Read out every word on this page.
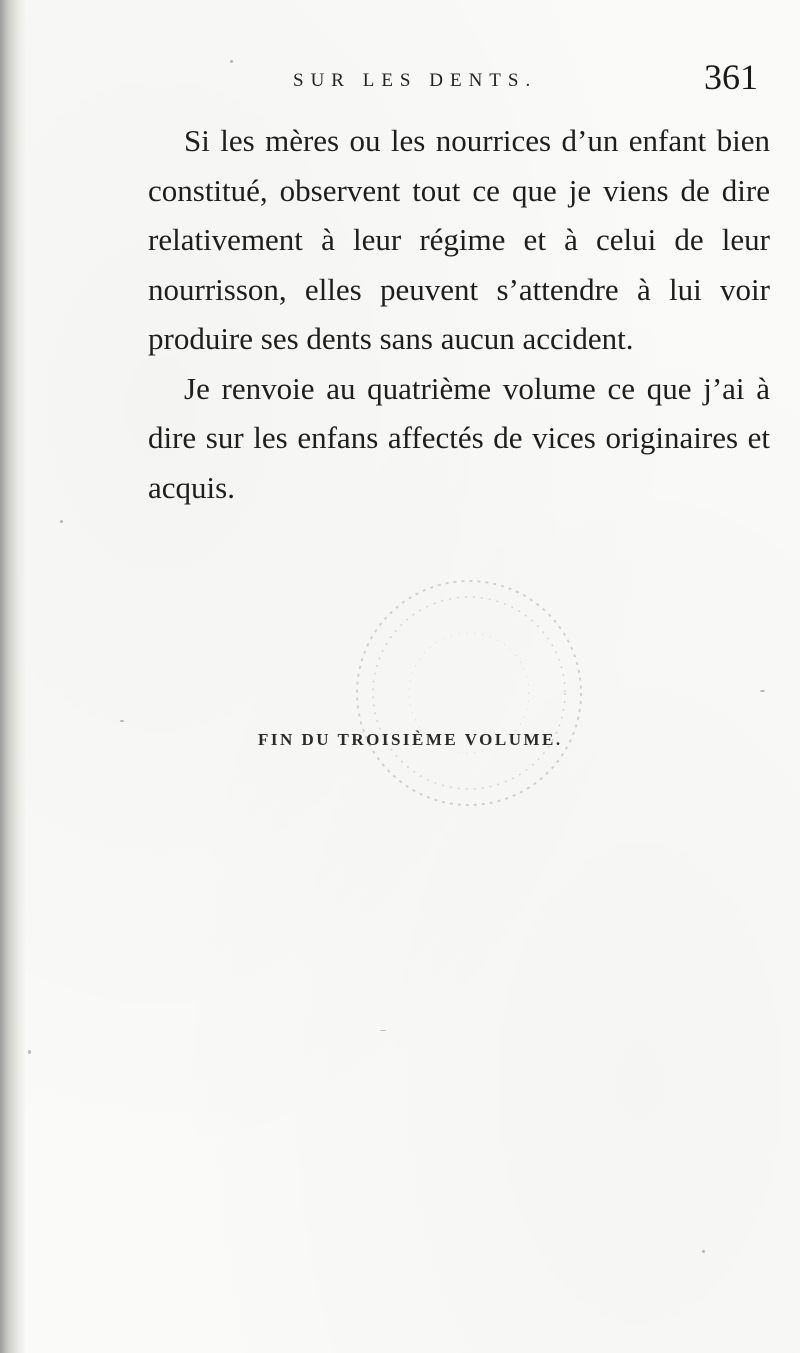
SUR LES DENTS.	361

Si les mères ou les nourrices d’un enfant bien constitué, observent tout ce que je viens de dire relativement à leur régime et à celui de leur nourrisson, elles peuvent s’attendre à lui voir produire ses dents sans aucun accident.

Je renvoie au quatrième volume ce que j’ai à dire sur les enfans affectés de vices originaires et acquis.

FIN DU TROISIÈME VOLUME.
